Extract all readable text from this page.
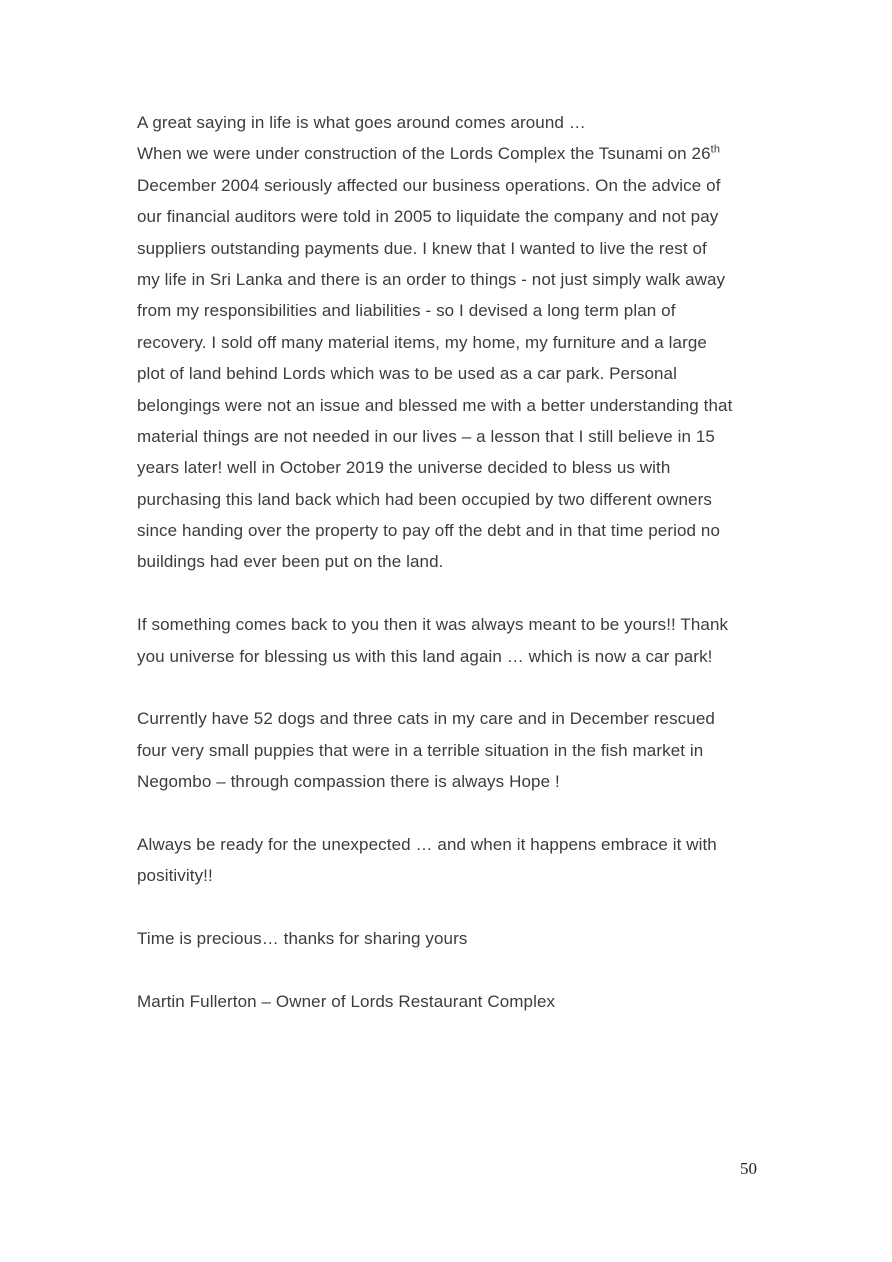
A great saying in life is what goes around comes around …
When we were under construction of the Lords Complex the Tsunami on 26th
December 2004 seriously affected our business operations. On the advice of
our financial auditors were told in 2005 to liquidate the company and not pay
suppliers outstanding payments due. I knew that I wanted to live the rest of
my life in Sri Lanka and there is an order to things - not just simply walk away
from my responsibilities and liabilities - so I devised a long term plan of
recovery. I sold off many material items, my home, my furniture and a large
plot of land behind Lords which was to be used as a car park. Personal
belongings were not an issue and blessed me with a better understanding that
material things are not needed in our lives – a lesson that I still believe in 15
years later! well in October 2019 the universe decided to bless us with
purchasing this land back which had been occupied by two different owners
since handing over the property to pay off the debt and in that time period no
buildings had ever been put on the land.
If something comes back to you then it was always meant to be yours!! Thank
you universe for blessing us with this land again … which is now a car park!
Currently have 52 dogs and three cats in my care and in December rescued
four very small puppies that were in a terrible situation in the fish market in
Negombo – through compassion there is always Hope !
Always be ready for the unexpected … and when it happens embrace it with
positivity!!
Time is precious… thanks for sharing yours
Martin Fullerton – Owner of Lords Restaurant Complex
50
